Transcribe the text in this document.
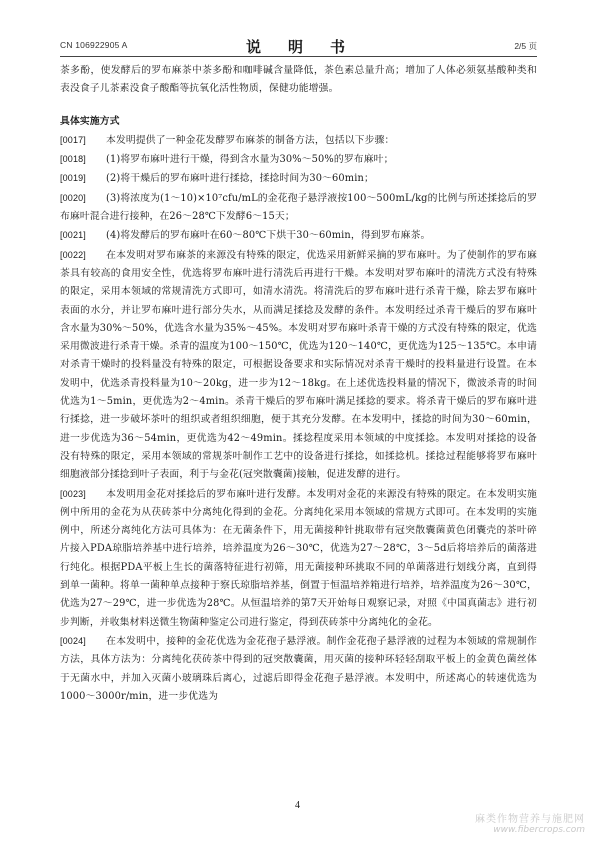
CN 106922905 A	说　明　书	2/5 页

茶多酚，使发酵后的罗布麻茶中茶多酚和咖啡碱含量降低，茶色素总量升高；增加了人体必须氨基酸种类和表没食子儿茶素没食子酸酯等抗氧化活性物质，保健功能增强。

具体实施方式

[0017] 本发明提供了一种金花发酵罗布麻茶的制备方法，包括以下步骤：

[0018] (1)将罗布麻叶进行干燥，得到含水量为30%～50%的罗布麻叶；

[0019] (2)将干燥后的罗布麻叶进行揉捻，揉捻时间为30～60min；

[0020] (3)将浓度为(1～10)×10⁷cfu/mL的金花孢子悬浮液按100～500mL/kg的比例与所述揉捻后的罗布麻叶混合进行接种，在26～28℃下发酵6～15天；

[0021] (4)将发酵后的罗布麻叶在60～80℃下烘干30～60min，得到罗布麻茶。

[0022] 在本发明对罗布麻茶的来源没有特殊的限定，优选采用新鲜采摘的罗布麻叶。为了使制作的罗布麻茶具有较高的食用安全性，优选将罗布麻叶进行清洗后再进行干燥。本发明对罗布麻叶的清洗方式没有特殊的限定，采用本领域的常规清洗方式即可，如清水清洗。将清洗后的罗布麻叶进行杀青干燥，除去罗布麻叶表面的水分，并让罗布麻叶进行部分失水，从而满足揉捻及发酵的条件。本发明经过杀青干燥后的罗布麻叶含水量为30%～50%，优选含水量为35%～45%。本发明对罗布麻叶杀青干燥的方式没有特殊的限定，优选采用微波进行杀青干燥。杀青的温度为100～150℃，优选为120～140℃，更优选为125～135℃。本申请对杀青干燥时的投料量没有特殊的限定，可根据设备要求和实际情况对杀青干燥时的投料量进行设置。在本发明中，优选杀青投料量为10～20kg，进一步为12～18kg。在上述优选投料量的情况下，微波杀青的时间优选为1～5min，更优选为2～4min。杀青干燥后的罗布麻叶满足揉捻的要求。将杀青干燥后的罗布麻叶进行揉捻，进一步破坏茶叶的组织或者组织细胞，便于其充分发酵。在本发明中，揉捻的时间为30～60min，进一步优选为36～54min，更优选为42～49min。揉捻程度采用本领域的中度揉捻。本发明对揉捻的设备没有特殊的限定，采用本领域的常规茶叶制作工艺中的设备进行揉捻，如揉捻机。揉捻过程能够将罗布麻叶细胞液部分揉捻到叶子表面，利于与金花(冠突散囊菌)接触，促进发酵的进行。

[0023] 本发明用金花对揉捻后的罗布麻叶进行发酵。本发明对金花的来源没有特殊的限定。在本发明实施例中所用的金花为从茯砖茶中分离纯化得到的金花。分离纯化采用本领域的常规方式即可。在本发明的实施例中，所述分离纯化方法可具体为：在无菌条件下，用无菌接种针挑取带有冠突散囊菌黄色闭囊壳的茶叶碎片接入PDA琼脂培养基中进行培养，培养温度为26～30℃，优选为27～28℃，3～5d后将培养后的菌落进行纯化。根据PDA平板上生长的菌落特征进行初筛，用无菌接种环挑取不同的单菌落进行划线分离，直到得到单一菌种。将单一菌种单点接种于察氏琼脂培养基，倒置于恒温培养箱进行培养，培养温度为26～30℃，优选为27～29℃，进一步优选为28℃。从恒温培养的第7天开始每日观察记录，对照《中国真菌志》进行初步判断，并收集材料送微生物菌种鉴定公司进行鉴定，得到茯砖茶中分离纯化的金花。

[0024] 在本发明中，接种的金花优选为金花孢子悬浮液。制作金花孢子悬浮液的过程为本领域的常规制作方法，具体方法为：分离纯化茯砖茶中得到的冠突散囊菌，用灭菌的接种环轻轻刮取平板上的金黄色菌丝体于无菌水中，并加入灭菌小玻璃珠后离心，过滤后即得金花孢子悬浮液。本发明中，所述离心的转速优选为1000～3000r/min，进一步优选为

4
麻类作物营养与施肥网
www.fibercrops.com
